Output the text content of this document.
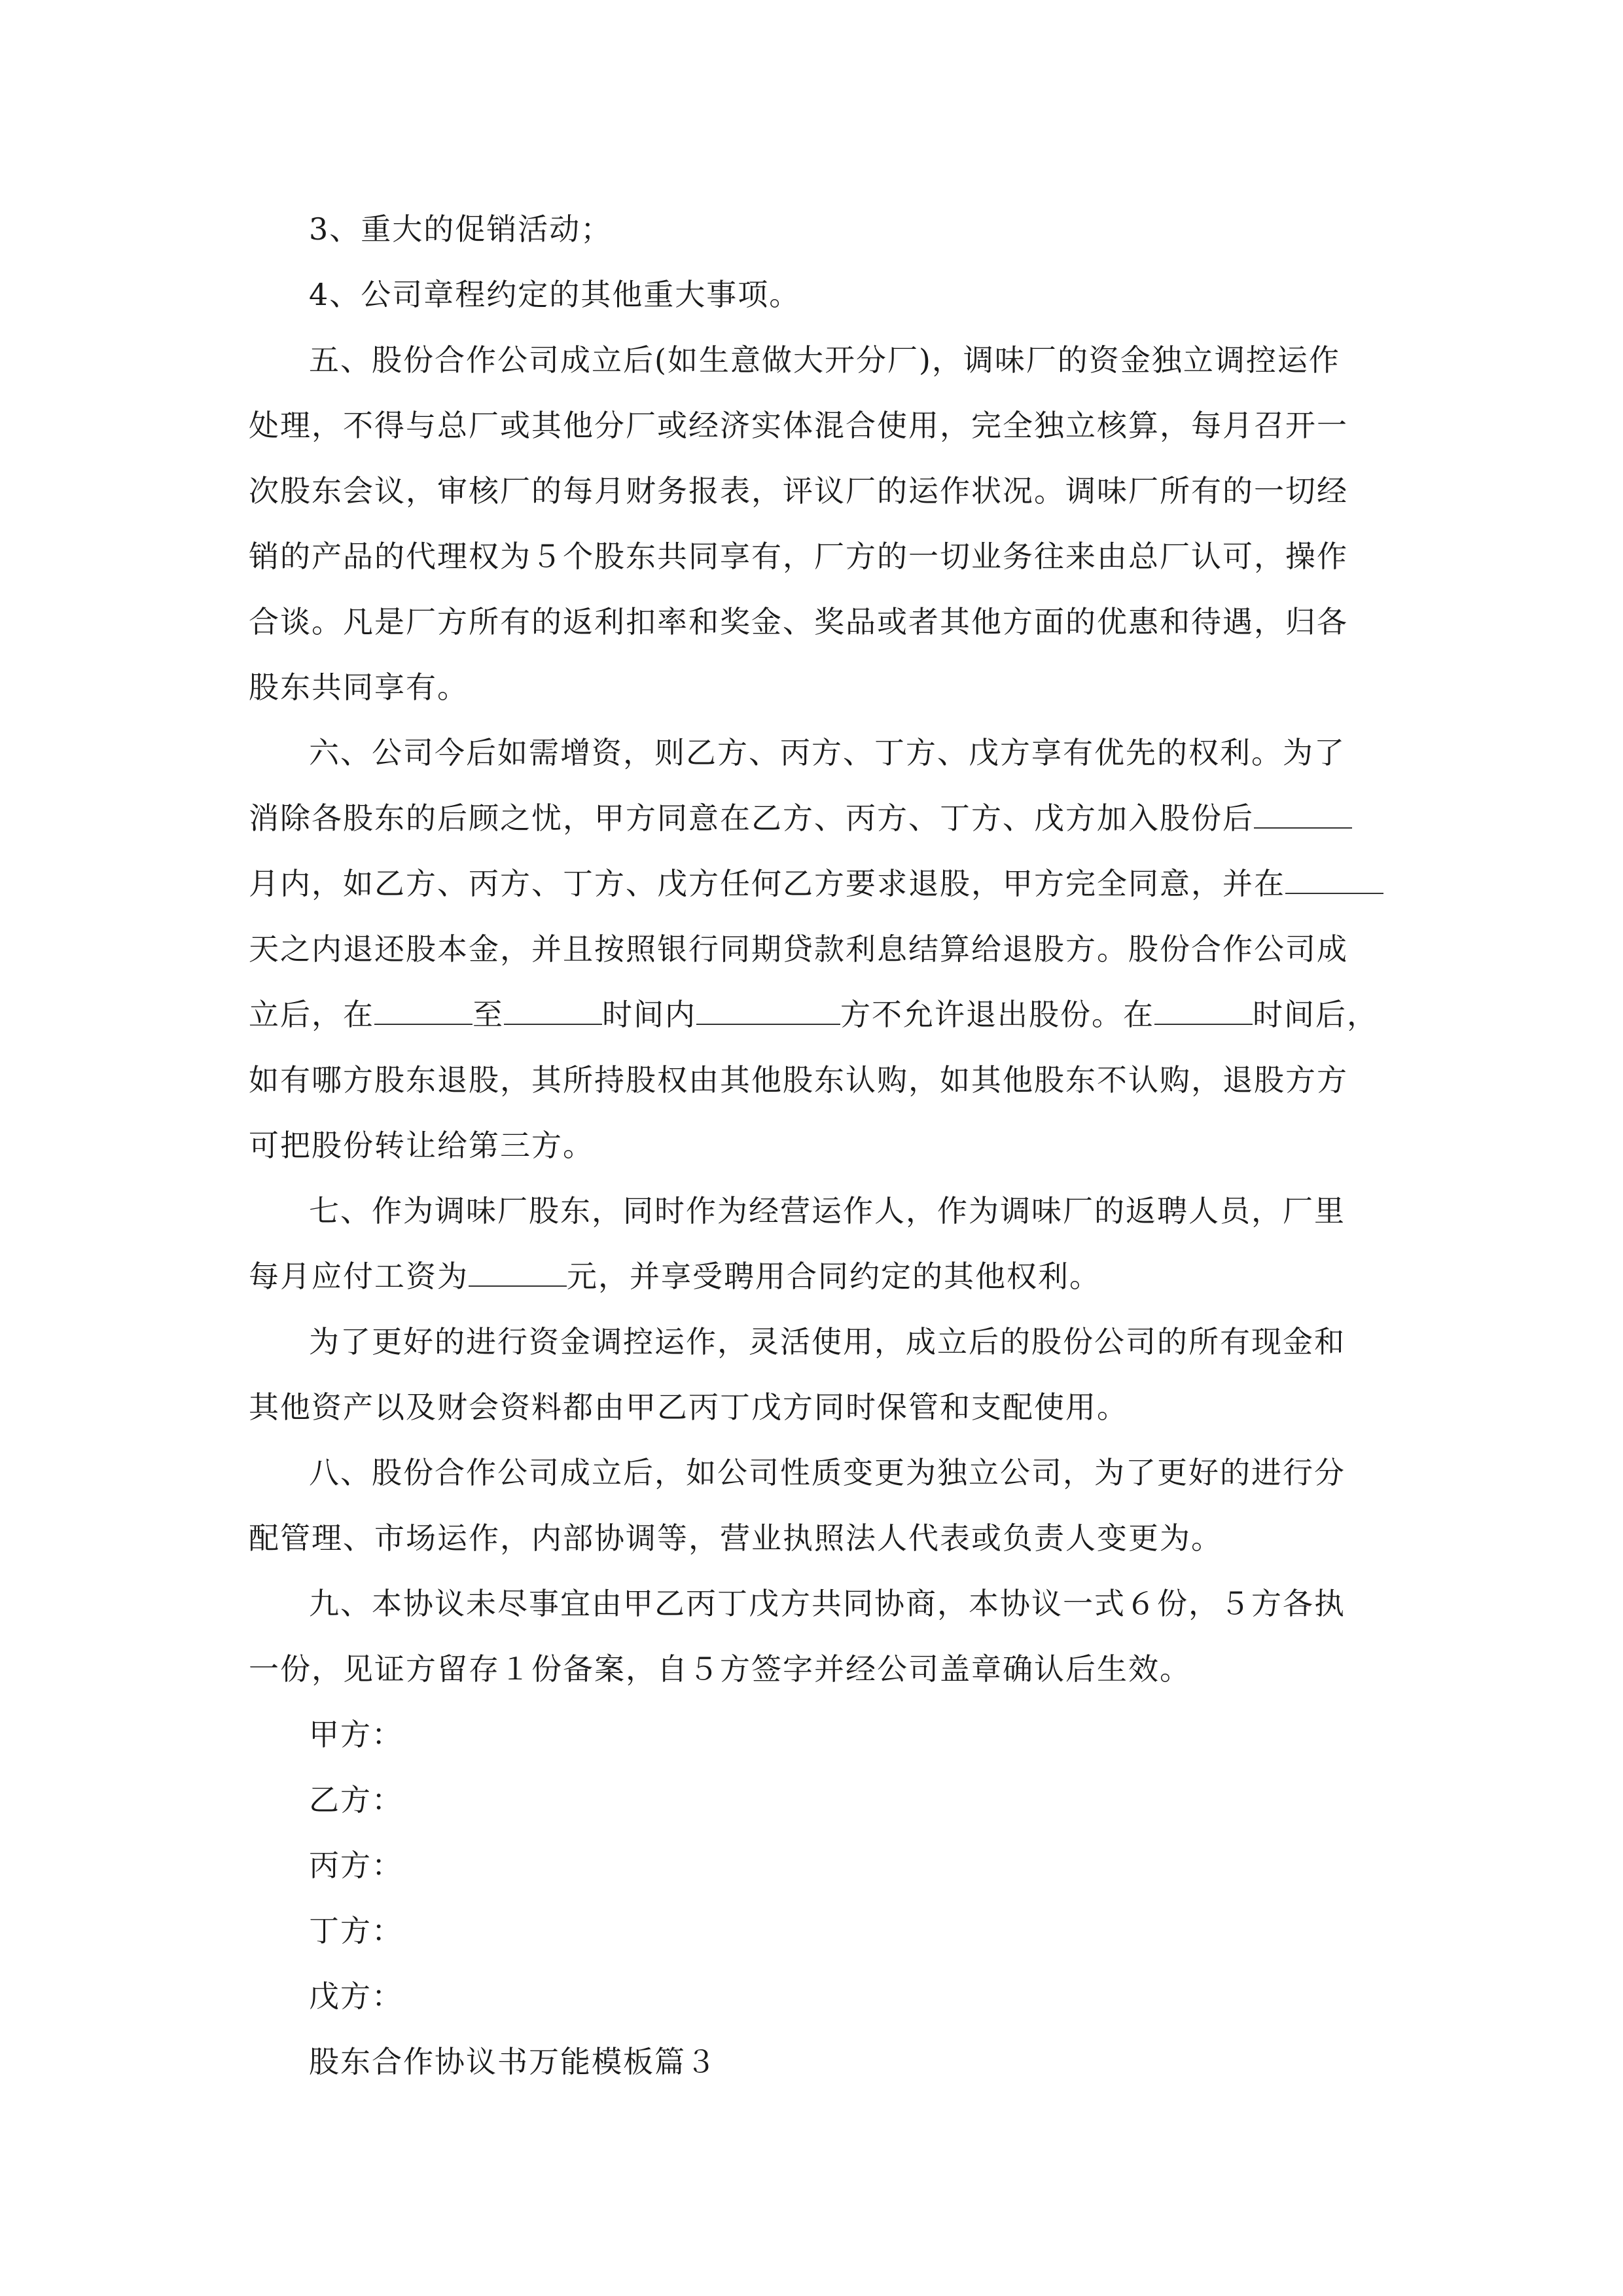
3、重大的促销活动；
4、公司章程约定的其他重大事项。
五、股份合作公司成立后(如生意做大开分厂)，调味厂的资金独立调控运作
处理，不得与总厂或其他分厂或经济实体混合使用，完全独立核算，每月召开一
次股东会议，审核厂的每月财务报表，评议厂的运作状况。调味厂所有的一切经
销的产品的代理权为５个股东共同享有，厂方的一切业务往来由总厂认可，操作
合谈。凡是厂方所有的返利扣率和奖金、奖品或者其他方面的优惠和待遇，归各
股东共同享有。
六、公司今后如需增资，则乙方、丙方、丁方、戊方享有优先的权利。为了
消除各股东的后顾之忧，甲方同意在乙方、丙方、丁方、戊方加入股份后
月内，如乙方、丙方、丁方、戊方任何乙方要求退股，甲方完全同意，并在
天之内退还股本金，并且按照银行同期贷款利息结算给退股方。股份合作公司成
立后，在	至	时间内	方不允许退出股份。在	时间后，
如有哪方股东退股，其所持股权由其他股东认购，如其他股东不认购，退股方方
可把股份转让给第三方。
七、作为调味厂股东，同时作为经营运作人，作为调味厂的返聘人员，厂里
每月应付工资为	元，并享受聘用合同约定的其他权利。
为了更好的进行资金调控运作，灵活使用，成立后的股份公司的所有现金和
其他资产以及财会资料都由甲乙丙丁戊方同时保管和支配使用。
八、股份合作公司成立后，如公司性质变更为独立公司，为了更好的进行分
配管理、市场运作，内部协调等，营业执照法人代表或负责人变更为。
九、本协议未尽事宜由甲乙丙丁戊方共同协商，本协议一式６份，５方各执
一份，见证方留存１份备案，自５方签字并经公司盖章确认后生效。
甲方：
乙方：
丙方：
丁方：
戊方：
股东合作协议书万能模板篇３
